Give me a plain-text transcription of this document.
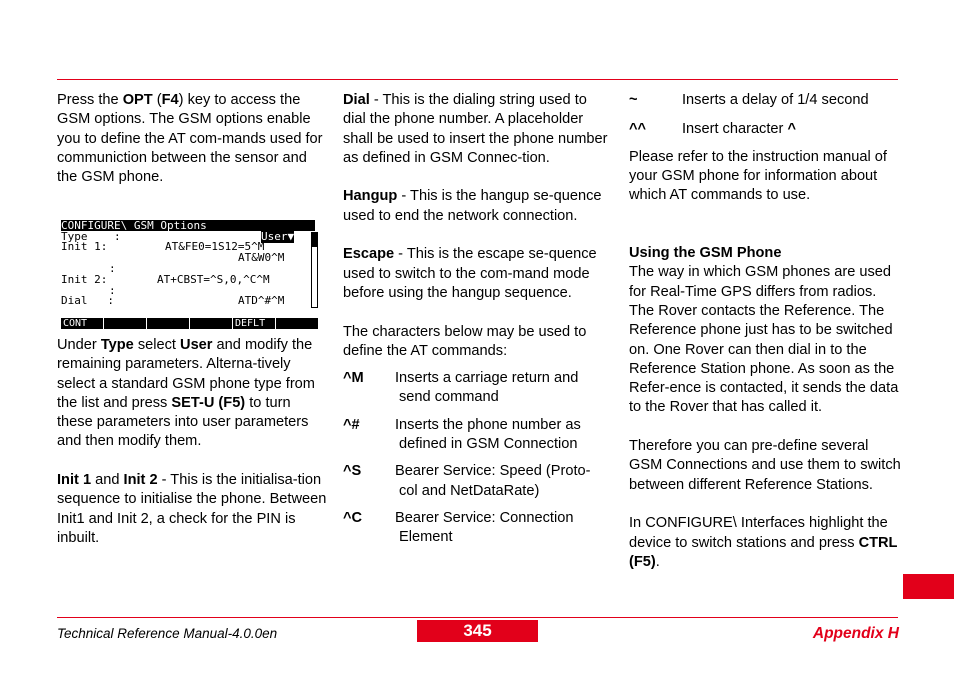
Press the OPT (F4) key to access the GSM options. The GSM options enable you to define the AT com-mands used for communiction between the sensor and the GSM phone.

CONFIGURE\ GSM Options
Type    :	User▼
Init 1:	AT&FE0=1S12=5^M
AT&W0^M
:
Init 2:	AT+CBST=^S,0,^C^M
:
Dial   :	ATD^#^M
CONT	DEFLT

Under Type select User and modify the remaining parameters. Alterna-tively select a standard GSM phone type from the list and press SET-U (F5) to turn these parameters into user parameters and then modify them.

Init 1 and Init 2 - This is the initialisa-tion sequence to initialise the phone. Between Init1 and Init 2, a check for the PIN is inbuilt.

Dial - This is the dialing string used to dial the phone number. A placeholder shall be used to insert the phone number as defined in GSM Connec-tion.

Hangup - This is the hangup se-quence used to end the network connection.

Escape - This is the escape se-quence used to switch to the com-mand mode before using the hangup sequence.

The characters below may be used to define the AT commands:

^M	Inserts a carriage return and
send command
^#	Inserts the phone number as
defined in GSM Connection
^S	Bearer Service: Speed (Proto-
col and NetDataRate)
^C	Bearer Service: Connection
Element
~	Inserts a delay of 1/4 second
^^	Insert character ^

Please refer to the instruction manual of your GSM phone for information about which AT commands to use.

Using the GSM Phone

The way in which GSM phones are used for Real-Time GPS differs from radios. The Rover contacts the Reference. The Reference phone just has to be switched on. One Rover can then dial in to the Reference Station phone. As soon as the Refer-ence is contacted, it sends the data to the Rover that has called it.

Therefore you can pre-define several GSM Connections and use them to switch between different Reference Stations.

In CONFIGURE\ Interfaces highlight the device to switch stations and press CTRL (F5).

Technical Reference Manual-4.0.0en	345	Appendix H
